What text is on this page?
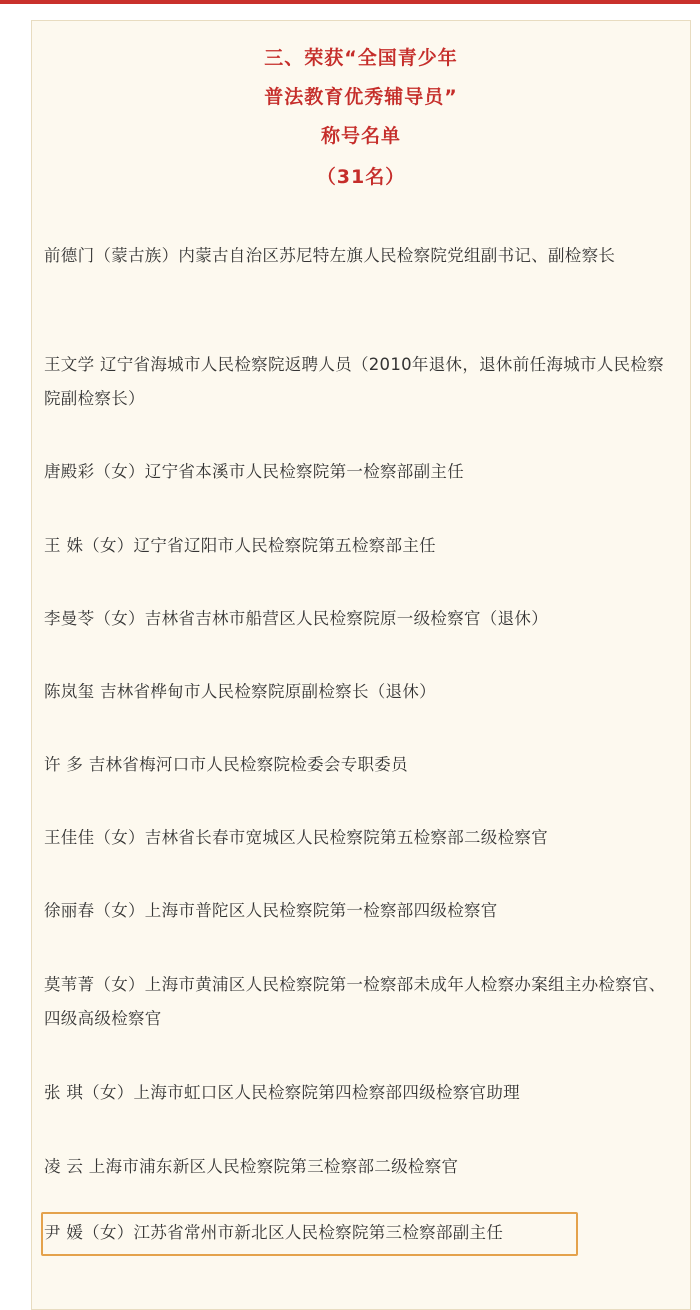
三、荣获“全国青少年
普法教育优秀辅导员”
称号名单
（31名）
前德门（蒙古族）内蒙古自治区苏尼特左旗人民检察院党组副书记、副检察长
王文学 辽宁省海城市人民检察院返聘人员（2010年退休，退休前任海城市人民检察院副检察长）
唐殿彩（女）辽宁省本溪市人民检察院第一检察部副主任
王 姝（女）辽宁省辽阳市人民检察院第五检察部主任
李曼苓（女）吉林省吉林市船营区人民检察院原一级检察官（退休）
陈岚玺 吉林省桦甸市人民检察院原副检察长（退休）
许 多 吉林省梅河口市人民检察院检委会专职委员
王佳佳（女）吉林省长春市宽城区人民检察院第五检察部二级检察官
徐丽春（女）上海市普陀区人民检察院第一检察部四级检察官
莫苇菁（女）上海市黄浦区人民检察院第一检察部未成年人检察办案组主办检察官、四级高级检察官
张 琪（女）上海市虹口区人民检察院第四检察部四级检察官助理
凌 云 上海市浦东新区人民检察院第三检察部二级检察官
尹 媛（女）江苏省常州市新北区人民检察院第三检察部副主任
